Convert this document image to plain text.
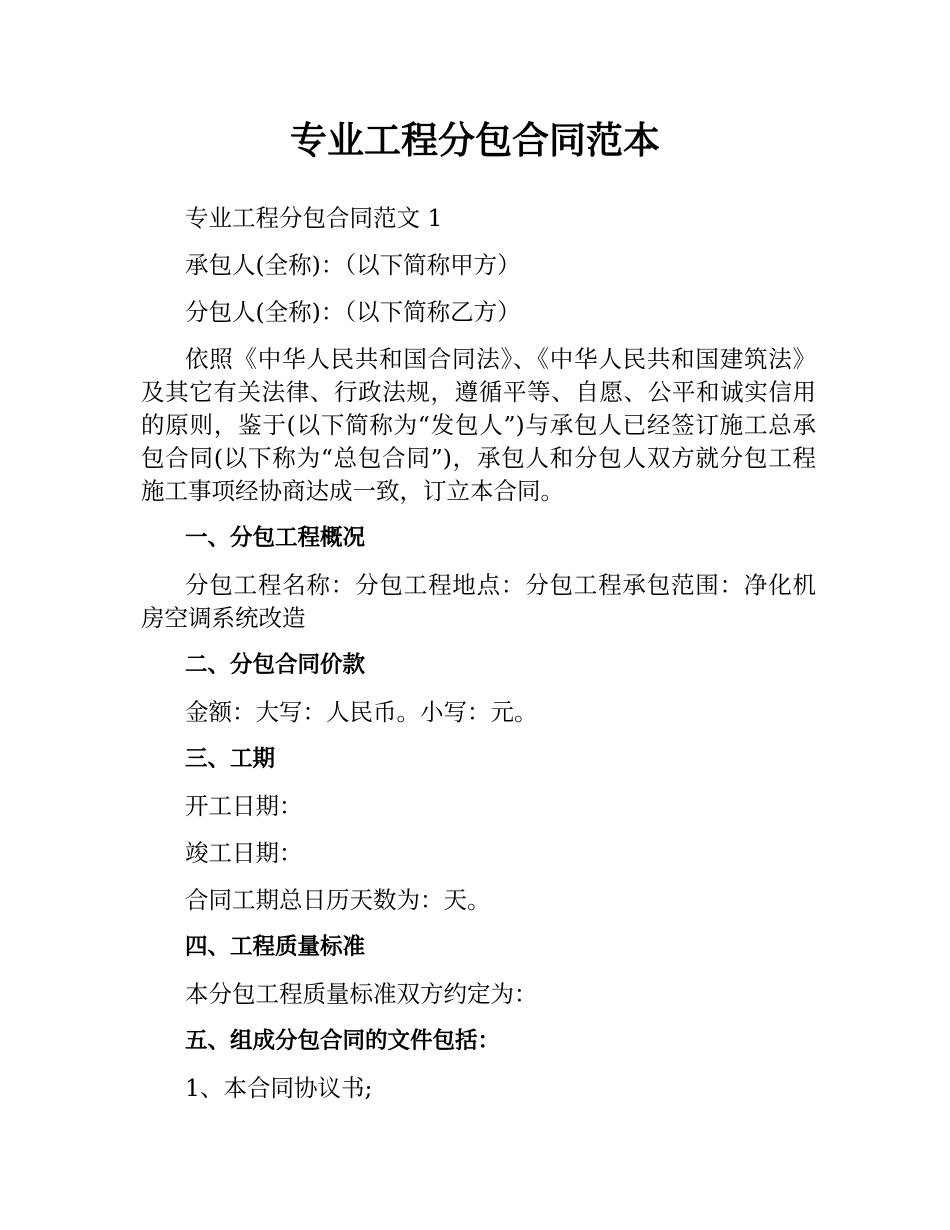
专业工程分包合同范本

专业工程分包合同范文 1

承包人(全称)：（以下简称甲方）

分包人(全称)：（以下简称乙方）

依照《中华人民共和国合同法》、《中华人民共和国建筑法》及其它有关法律、行政法规，遵循平等、自愿、公平和诚实信用的原则，鉴于(以下简称为“发包人”)与承包人已经签订施工总承包合同(以下称为“总包合同”)，承包人和分包人双方就分包工程施工事项经协商达成一致，订立本合同。

一、分包工程概况

分包工程名称：分包工程地点：分包工程承包范围：净化机房空调系统改造

二、分包合同价款

金额：大写：人民币。小写：元。

三、工期

开工日期：

竣工日期：

合同工期总日历天数为：天。

四、工程质量标准

本分包工程质量标准双方约定为：

五、组成分包合同的文件包括：

1、本合同协议书;
